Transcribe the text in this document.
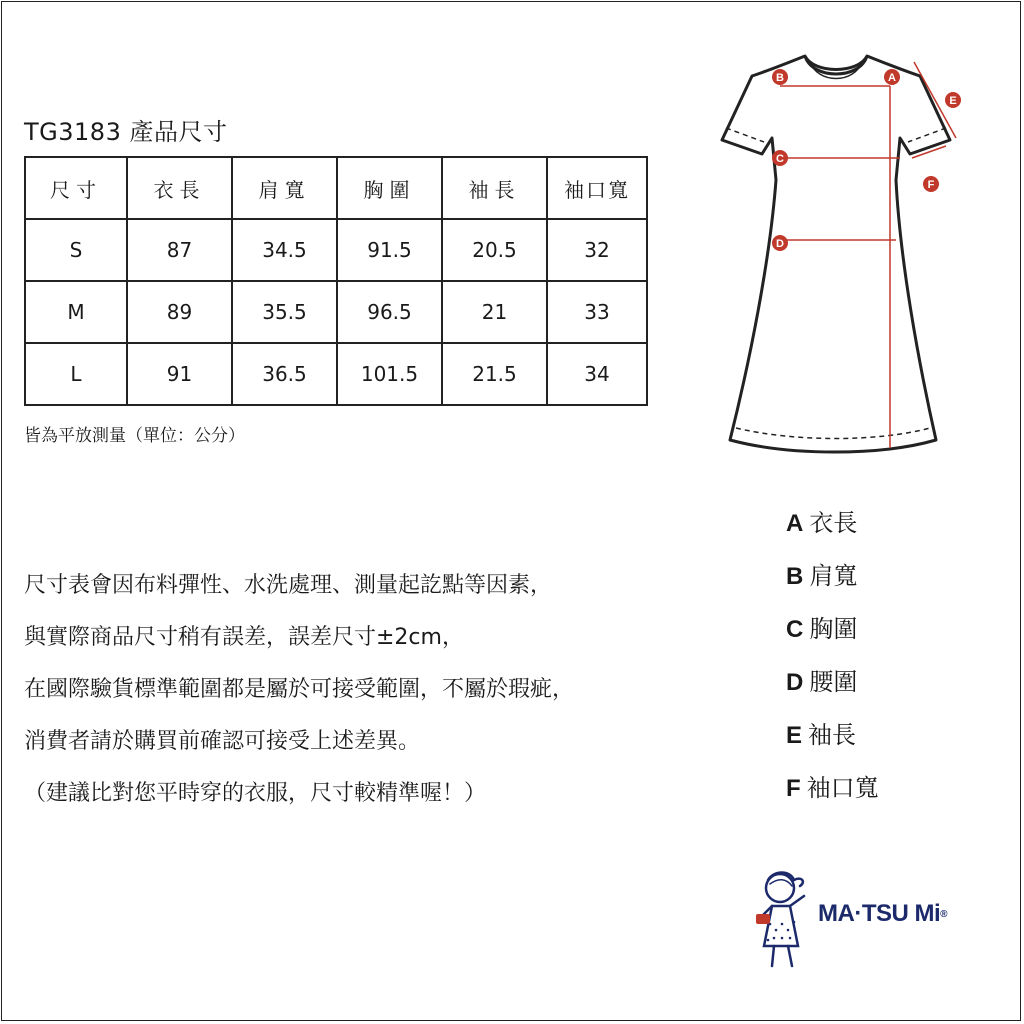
TG3183 產品尺寸
尺寸	衣長	肩寬	胸圍	袖長	袖口寬
S	87	34.5	91.5	20.5	32
M	89	35.5	96.5	21	33
L	91	36.5	101.5	21.5	34
皆為平放測量（單位：公分）
尺寸表會因布料彈性、水洗處理、測量起訖點等因素，
與實際商品尺寸稍有誤差，誤差尺寸±2cm，
在國際驗貨標準範圍都是屬於可接受範圍，不屬於瑕疵，
消費者請於購買前確認可接受上述差異。
（建議比對您平時穿的衣服，尺寸較精準喔！）
A 衣長
B 肩寬
C 胸圍
D 腰圍
E 袖長
F 袖口寬
A
B
C
D
E
F
MA·TSU Mi®
